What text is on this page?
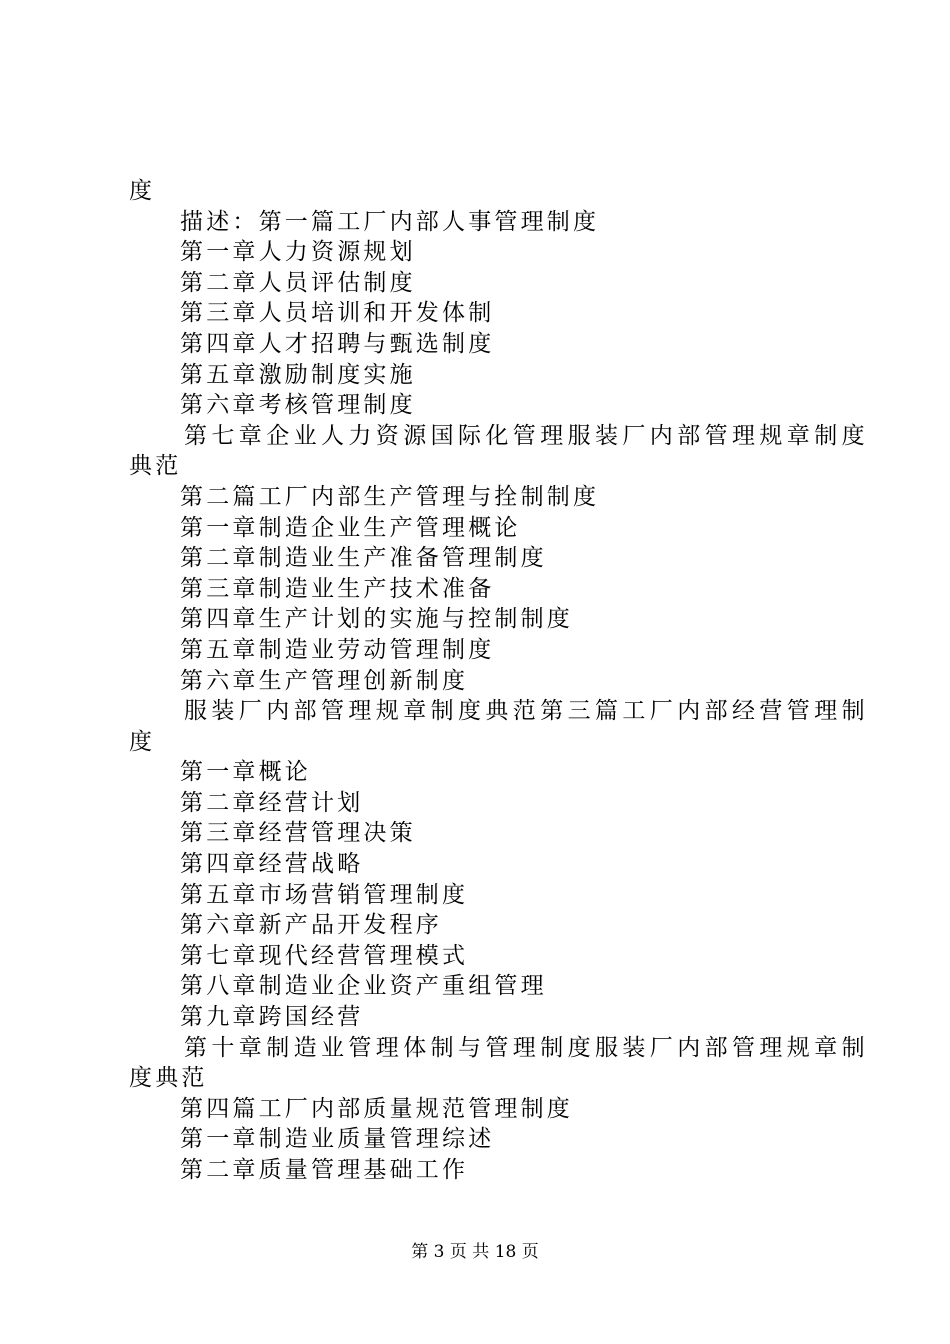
度
描述：第一篇工厂内部人事管理制度
第一章人力资源规划
第二章人员评估制度
第三章人员培训和开发体制
第四章人才招聘与甄选制度
第五章激励制度实施
第六章考核管理制度
第七章企业人力资源国际化管理服装厂内部管理规章制度
典范
第二篇工厂内部生产管理与拴制制度
第一章制造企业生产管理概论
第二章制造业生产准备管理制度
第三章制造业生产技术准备
第四章生产计划的实施与控制制度
第五章制造业劳动管理制度
第六章生产管理创新制度
服装厂内部管理规章制度典范第三篇工厂内部经营管理制
度
第一章概论
第二章经营计划
第三章经营管理决策
第四章经营战略
第五章市场营销管理制度
第六章新产品开发程序
第七章现代经营管理模式
第八章制造业企业资产重组管理
第九章跨国经营
第十章制造业管理体制与管理制度服装厂内部管理规章制
度典范
第四篇工厂内部质量规范管理制度
第一章制造业质量管理综述
第二章质量管理基础工作
第 3 页 共 18 页
